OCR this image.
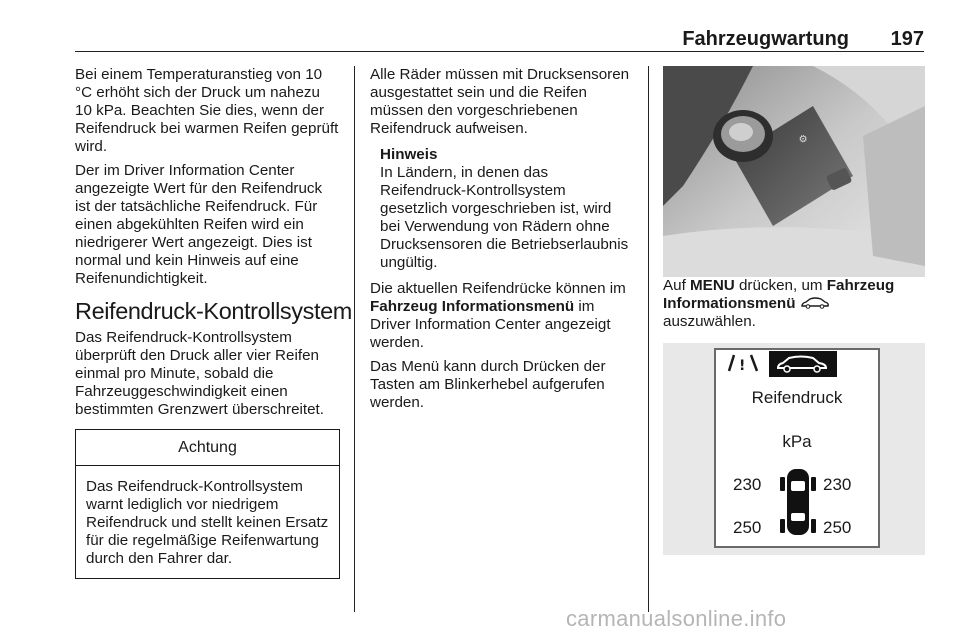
Fahrzeugwartung 197

Bei einem Temperaturanstieg von 10 °C erhöht sich der Druck um nahezu 10 kPa. Beachten Sie dies, wenn der Reifendruck bei warmen Reifen geprüft wird.

Der im Driver Information Center angezeigte Wert für den Reifendruck ist der tatsächliche Reifendruck. Für einen abgekühlten Reifen wird ein niedrigerer Wert angezeigt. Dies ist normal und kein Hinweis auf eine Reifenundichtigkeit.

Reifendruck-Kontrollsystem

Das Reifendruck-Kontrollsystem überprüft den Druck aller vier Reifen einmal pro Minute, sobald die Fahrzeuggeschwindigkeit einen bestimmten Grenzwert überschreitet.

Achtung
Das Reifendruck-Kontrollsystem warnt lediglich vor niedrigem Reifendruck und stellt keinen Ersatz für die regelmäßige Reifenwartung durch den Fahrer dar.

Alle Räder müssen mit Drucksensoren ausgestattet sein und die Reifen müssen den vorgeschriebenen Reifendruck aufweisen.

Hinweis
In Ländern, in denen das Reifendruck-Kontrollsystem gesetzlich vorgeschrieben ist, wird bei Verwendung von Rädern ohne Drucksensoren die Betriebserlaubnis ungültig.

Die aktuellen Reifendrücke können im Fahrzeug Informationsmenü im Driver Information Center angezeigt werden.

Das Menü kann durch Drücken der Tasten am Blinkerhebel aufgerufen werden.

⚙

Auf MENU drücken, um Fahrzeug Informationsmenü  auszuwählen.

!
Reifendruck
kPa
230	230
250	250
carmanualsonline.info
